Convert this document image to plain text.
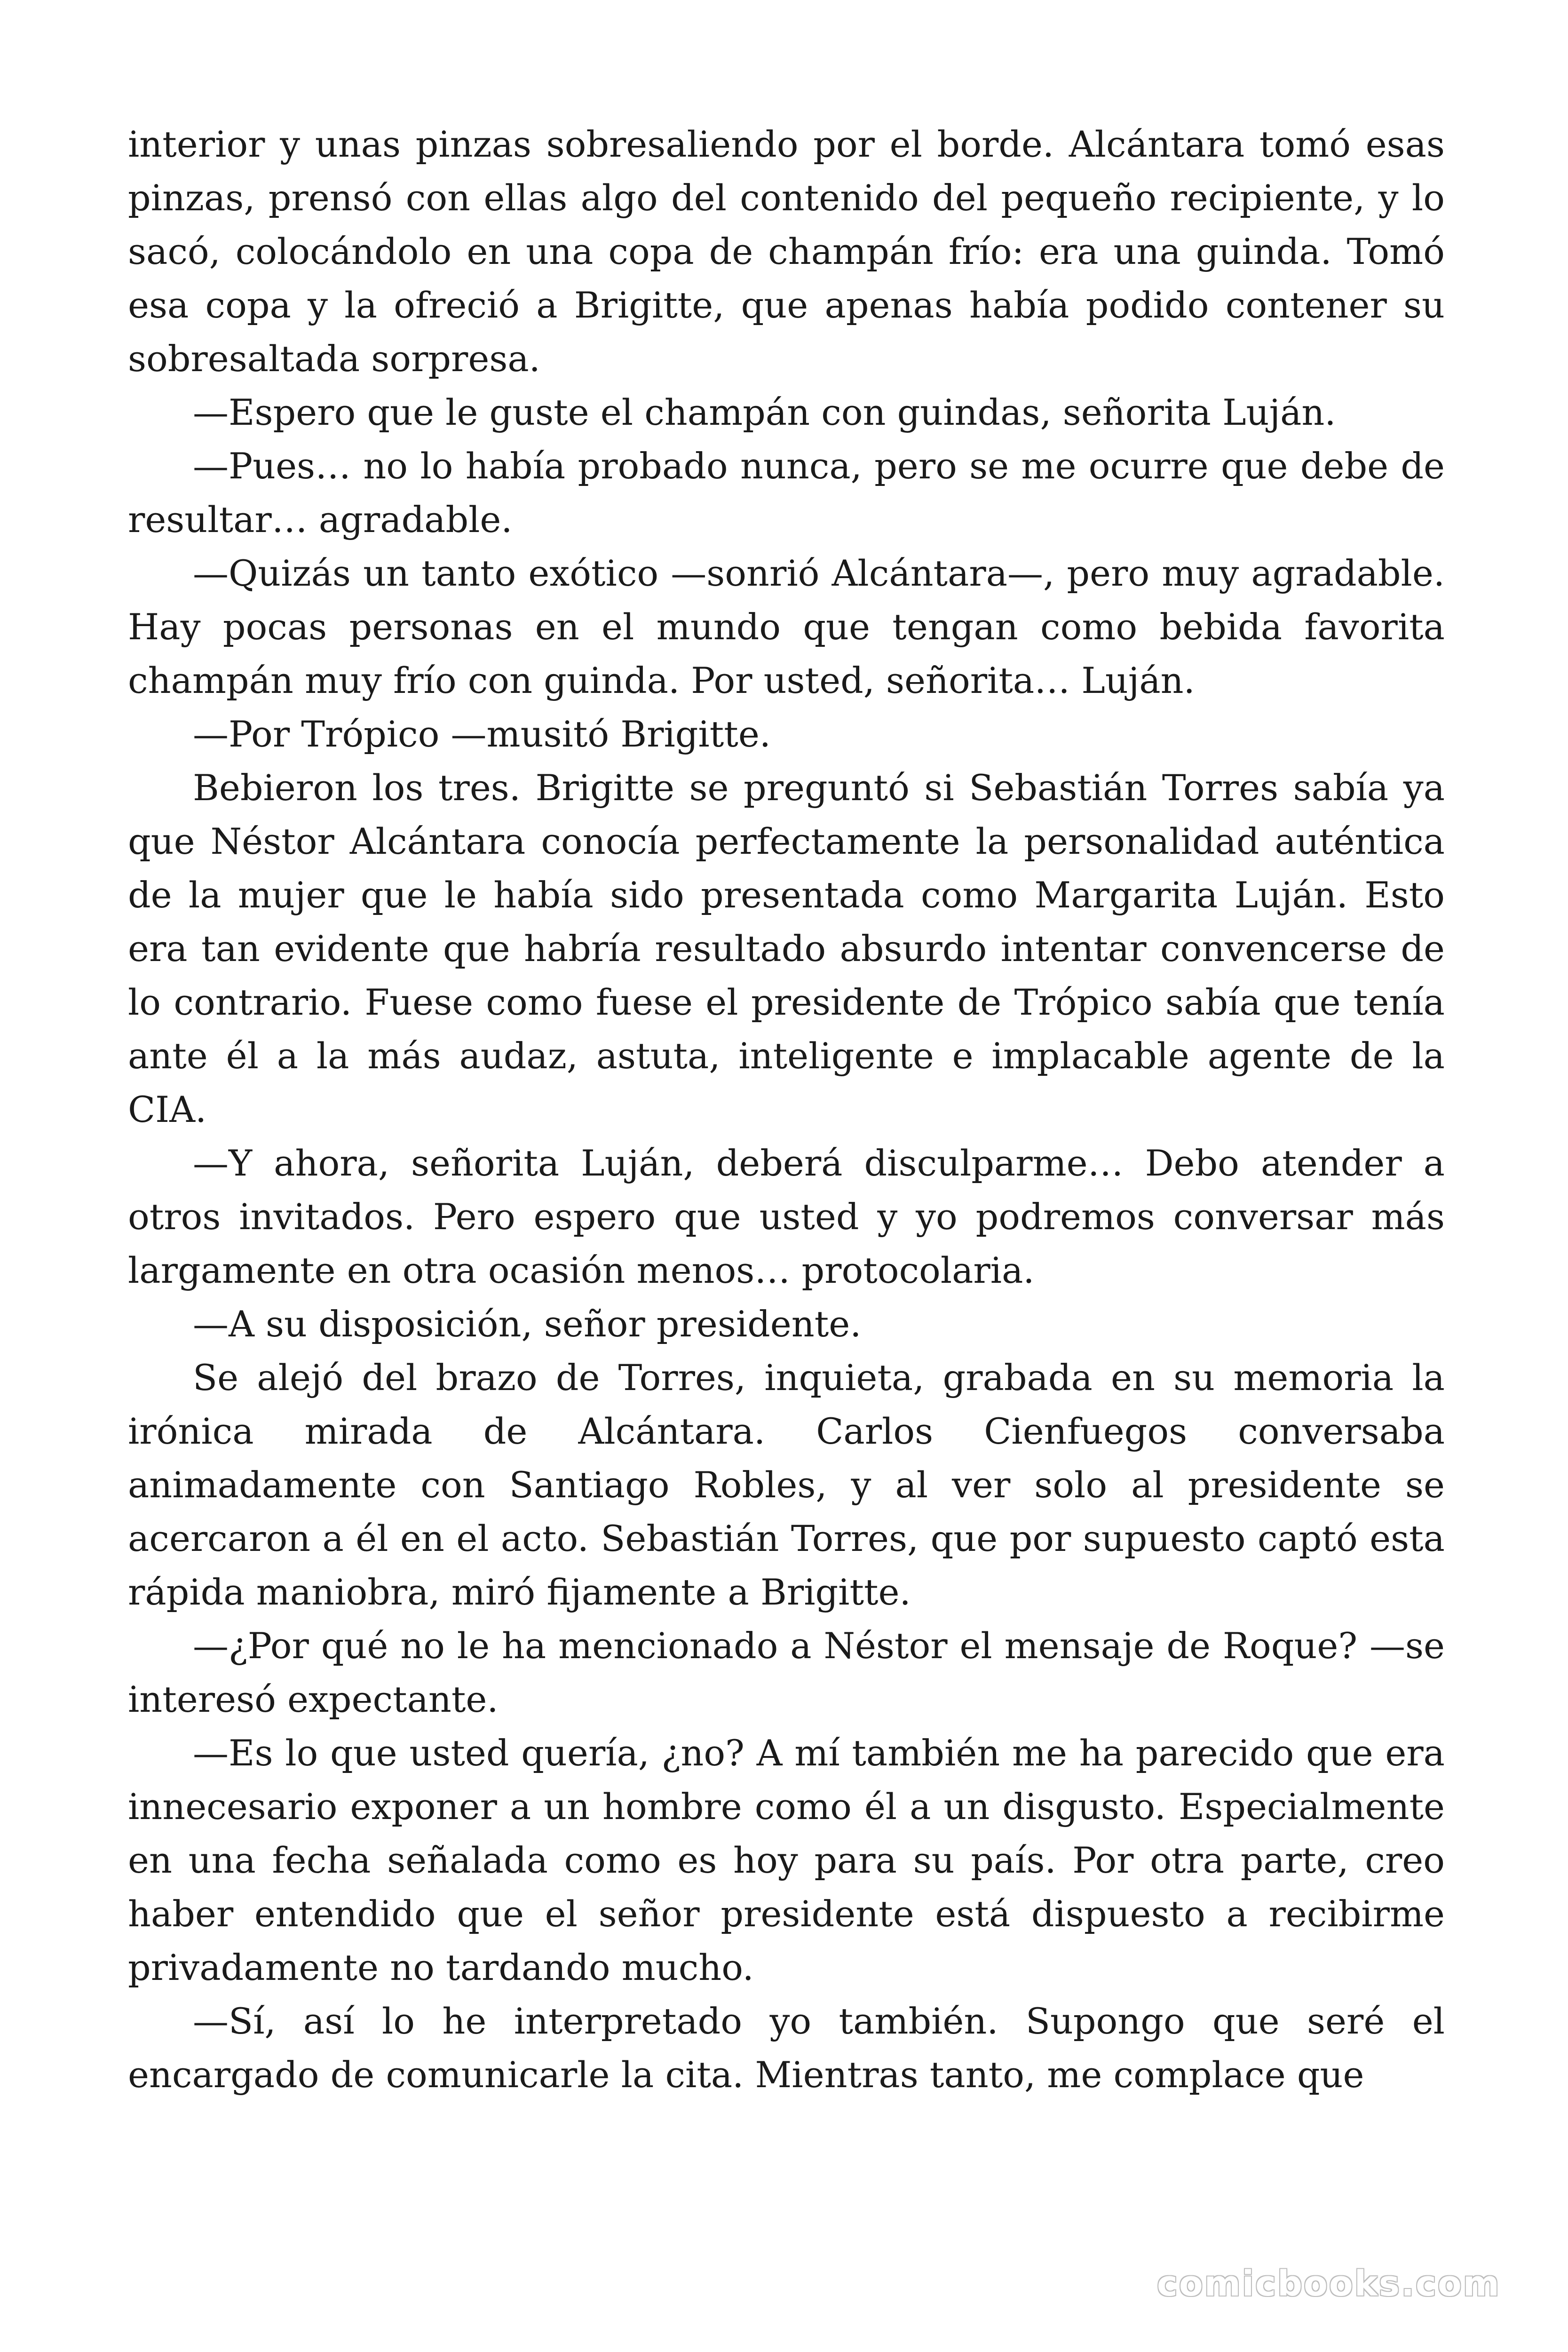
interior y unas pinzas sobresaliendo por el borde. Alcántara tomó esas pinzas, prensó con ellas algo del contenido del pequeño recipiente, y lo sacó, colocándolo en una copa de champán frío: era una guinda. Tomó esa copa y la ofreció a Brigitte, que apenas había podido contener su sobresaltada sorpresa.

—Espero que le guste el champán con guindas, señorita Luján.

—Pues… no lo había probado nunca, pero se me ocurre que debe de resultar… agradable.

—Quizás un tanto exótico —sonrió Alcántara—, pero muy agradable. Hay pocas personas en el mundo que tengan como bebida favorita champán muy frío con guinda. Por usted, señorita… Luján.

—Por Trópico —musitó Brigitte.

Bebieron los tres. Brigitte se preguntó si Sebastián Torres sabía ya que Néstor Alcántara conocía perfectamente la personalidad auténtica de la mujer que le había sido presentada como Margarita Luján. Esto era tan evidente que habría resultado absurdo intentar convencerse de lo contrario. Fuese como fuese el presidente de Trópico sabía que tenía ante él a la más audaz, astuta, inteligente e implacable agente de la CIA.

—Y ahora, señorita Luján, deberá disculparme… Debo atender a otros invitados. Pero espero que usted y yo podremos conversar más largamente en otra ocasión menos… protocolaria.

—A su disposición, señor presidente.

Se alejó del brazo de Torres, inquieta, grabada en su memoria la irónica mirada de Alcántara. Carlos Cienfuegos conversaba animadamente con Santiago Robles, y al ver solo al presidente se acercaron a él en el acto. Sebastián Torres, que por supuesto captó esta rápida maniobra, miró fijamente a Brigitte.

—¿Por qué no le ha mencionado a Néstor el mensaje de Roque? —se interesó expectante.

—Es lo que usted quería, ¿no? A mí también me ha parecido que era innecesario exponer a un hombre como él a un disgusto. Especialmente en una fecha señalada como es hoy para su país. Por otra parte, creo haber entendido que el señor presidente está dispuesto a recibirme privadamente no tardando mucho.

—Sí, así lo he interpretado yo también. Supongo que seré el encargado de comunicarle la cita. Mientras tanto, me complace que

comicbooks.com
